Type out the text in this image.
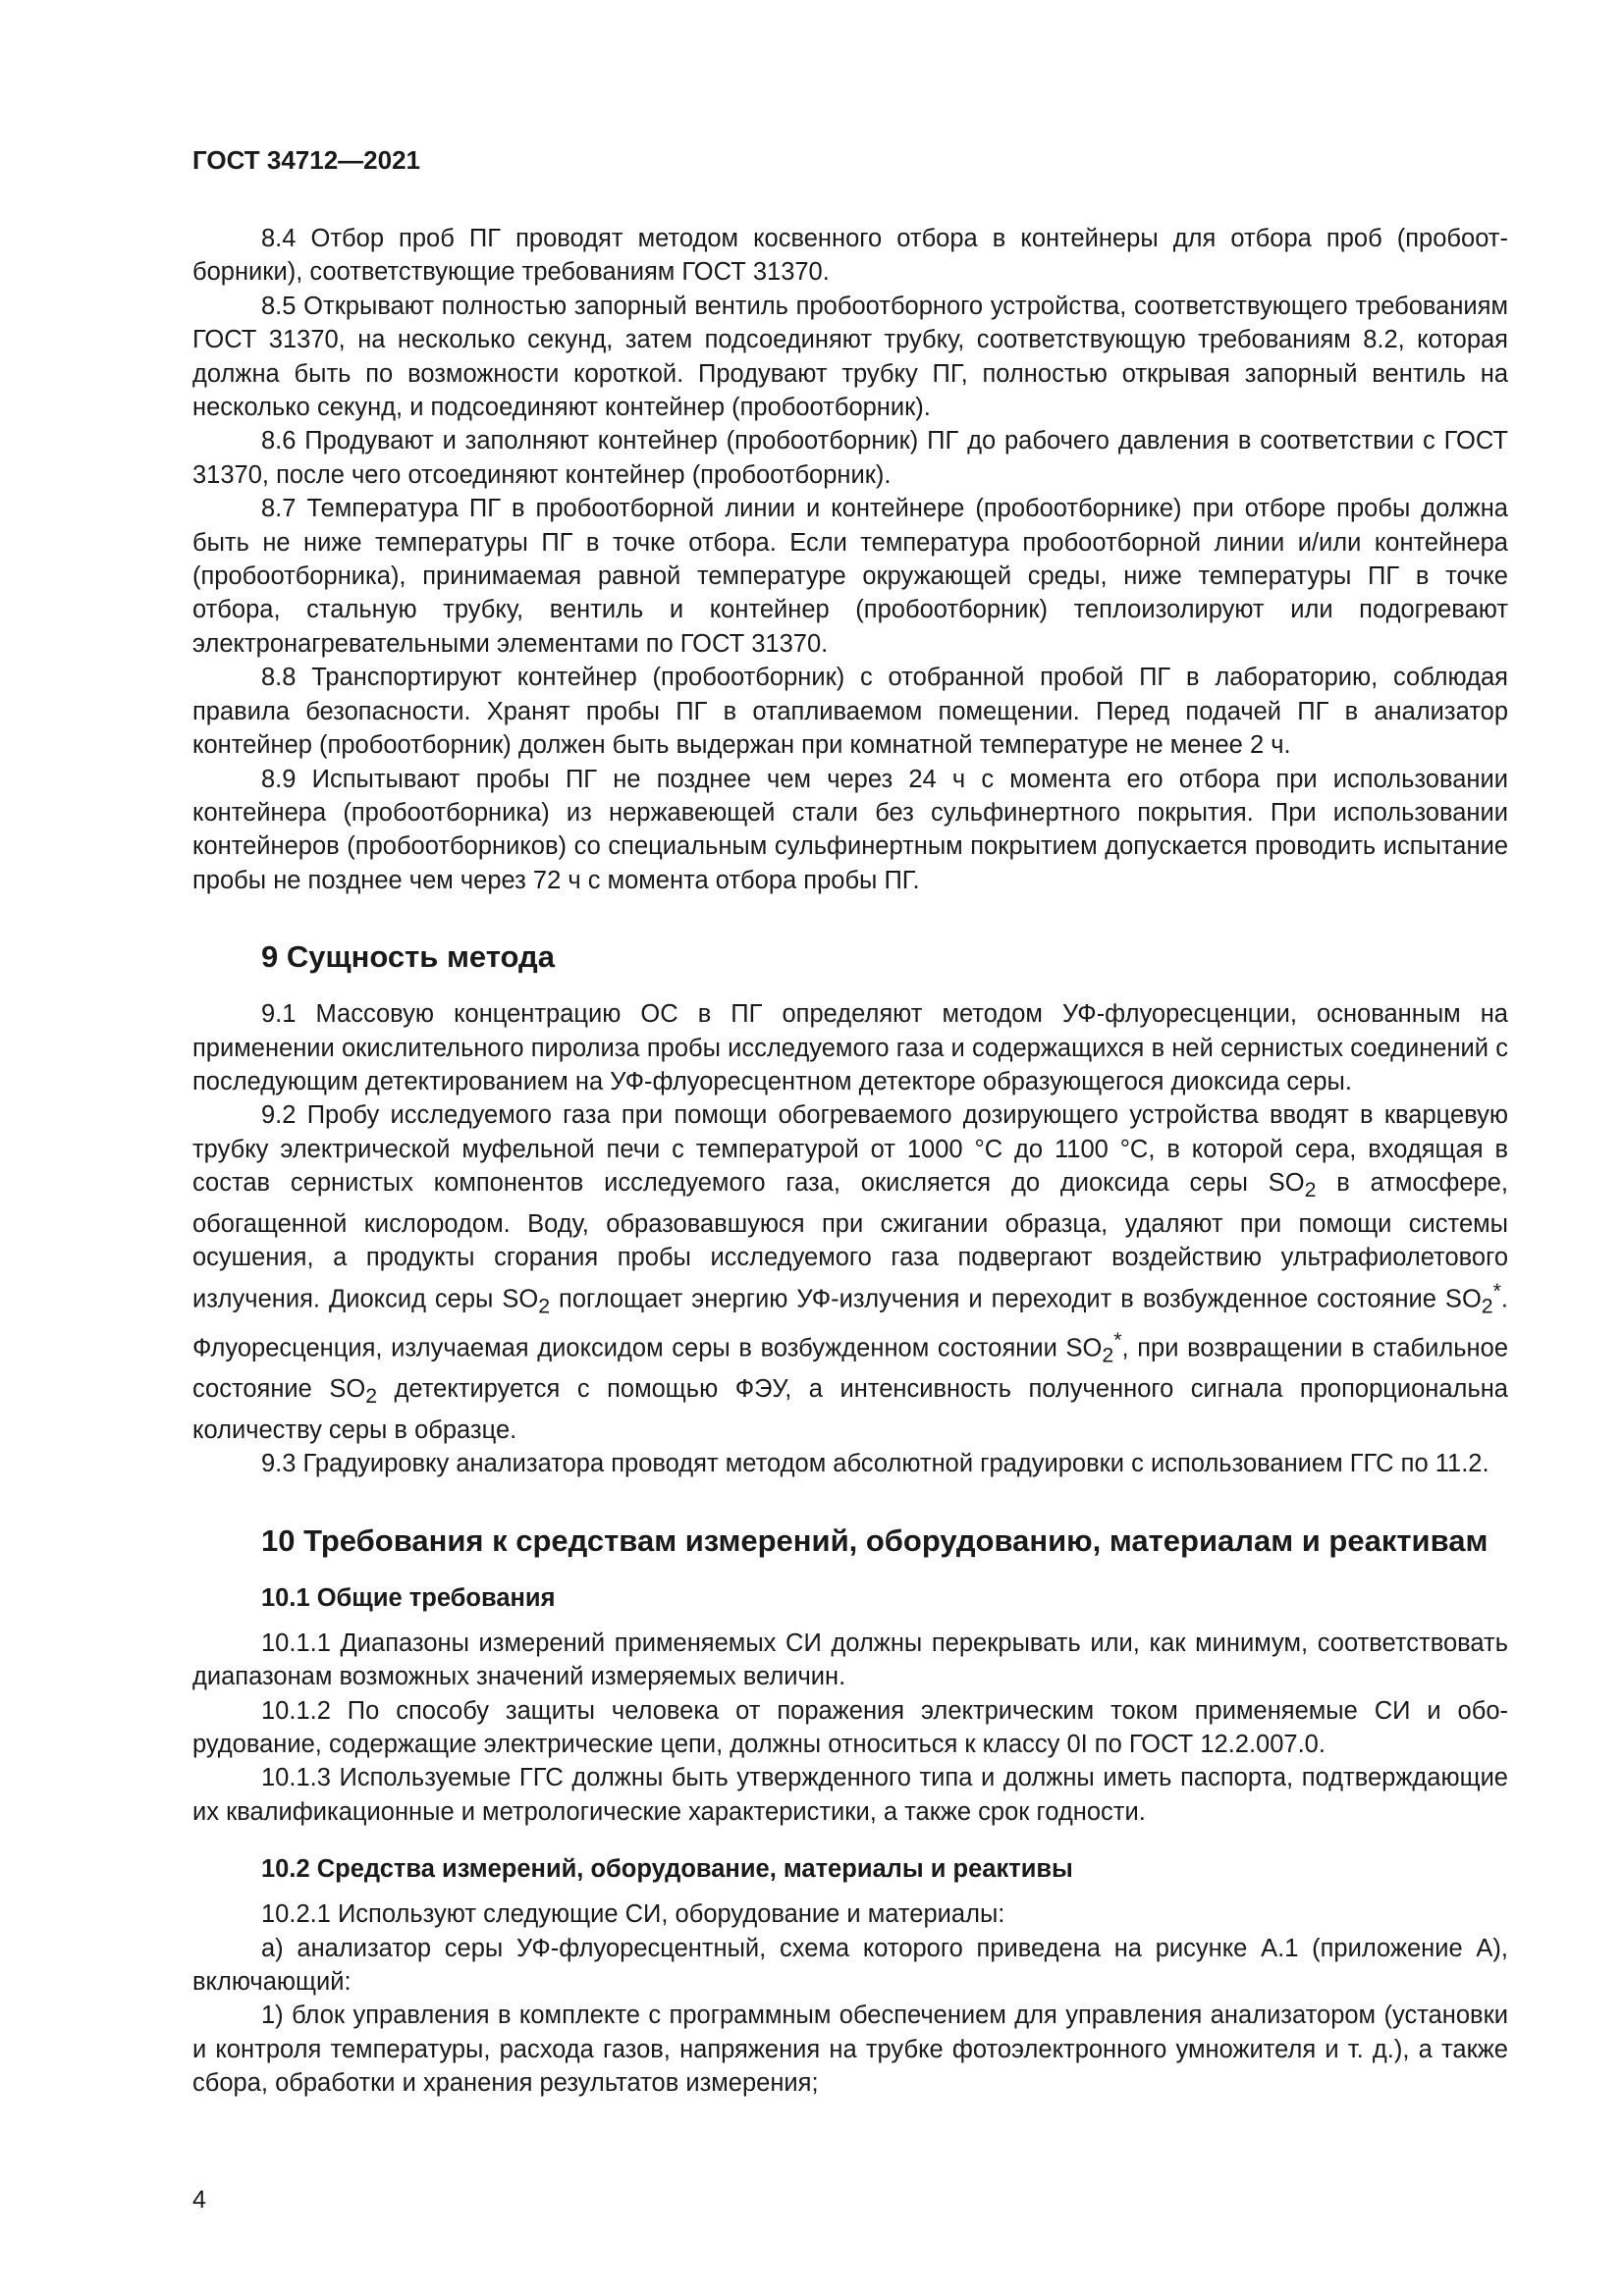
ГОСТ 34712—2021

8.4 Отбор проб ПГ проводят методом косвенного отбора в контейнеры для отбора проб (пробоотборники), соответствующие требованиям ГОСТ 31370.

8.5 Открывают полностью запорный вентиль пробоотборного устройства, соответствующего требованиям ГОСТ 31370, на несколько секунд, затем подсоединяют трубку, соответствующую требованиям 8.2, которая должна быть по возможности короткой. Продувают трубку ПГ, полностью открывая запорный вентиль на несколько секунд, и подсоединяют контейнер (пробоотборник).

8.6 Продувают и заполняют контейнер (пробоотборник) ПГ до рабочего давления в соответствии с ГОСТ 31370, после чего отсоединяют контейнер (пробоотборник).

8.7 Температура ПГ в пробоотборной линии и контейнере (пробоотборнике) при отборе пробы должна быть не ниже температуры ПГ в точке отбора. Если температура пробоотборной линии и/или контейнера (пробоотборника), принимаемая равной температуре окружающей среды, ниже температуры ПГ в точке отбора, стальную трубку, вентиль и контейнер (пробоотборник) теплоизолируют или подогревают электронагревательными элементами по ГОСТ 31370.

8.8 Транспортируют контейнер (пробоотборник) с отобранной пробой ПГ в лабораторию, соблюдая правила безопасности. Хранят пробы ПГ в отапливаемом помещении. Перед подачей ПГ в анализатор контейнер (пробоотборник) должен быть выдержан при комнатной температуре не менее 2 ч.

8.9 Испытывают пробы ПГ не позднее чем через 24 ч с момента его отбора при использовании контейнера (пробоотборника) из нержавеющей стали без сульфинертного покрытия. При использовании контейнеров (пробоотборников) со специальным сульфинертным покрытием допускается проводить испытание пробы не позднее чем через 72 ч с момента отбора пробы ПГ.

9 Сущность метода

9.1 Массовую концентрацию ОС в ПГ определяют методом УФ-флуоресценции, основанным на применении окислительного пиролиза пробы исследуемого газа и содержащихся в ней сернистых соединений с последующим детектированием на УФ-флуоресцентном детекторе образующегося диоксида серы.

9.2 Пробу исследуемого газа при помощи обогреваемого дозирующего устройства вводят в кварцевую трубку электрической муфельной печи с температурой от 1000 °С до 1100 °С, в которой сера, входящая в состав сернистых компонентов исследуемого газа, окисляется до диоксида серы $SO_2$ в атмосфере, обогащенной кислородом. Воду, образовавшуюся при сжигании образца, удаляют при помощи системы осушения, а продукты сгорания пробы исследуемого газа подвергают воздействию ультрафиолетового излучения. Диоксид серы $SO_2$ поглощает энергию УФ-излучения и переходит в возбужденное состояние $SO_2^*$. Флуоресценция, излучаемая диоксидом серы в возбужденном состоянии $SO_2^*$, при возвращении в стабильное состояние $SO_2$ детектируется с помощью ФЭУ, а интенсивность полученного сигнала пропорциональна количеству серы в образце.

9.3 Градуировку анализатора проводят методом абсолютной градуировки с использованием ГГС по 11.2.

10 Требования к средствам измерений, оборудованию, материалам и реактивам
10.1 Общие требования

10.1.1 Диапазоны измерений применяемых СИ должны перекрывать или, как минимум, соответствовать диапазонам возможных значений измеряемых величин.

10.1.2 По способу защиты человека от поражения электрическим током применяемые СИ и оборудование, содержащие электрические цепи, должны относиться к классу 0I по ГОСТ 12.2.007.0.

10.1.3 Используемые ГГС должны быть утвержденного типа и должны иметь паспорта, подтверждающие их квалификационные и метрологические характеристики, а также срок годности.

10.2 Средства измерений, оборудование, материалы и реактивы

10.2.1 Используют следующие СИ, оборудование и материалы:

а) анализатор серы УФ-флуоресцентный, схема которого приведена на рисунке А.1 (приложение А), включающий:

1) блок управления в комплекте с программным обеспечением для управления анализатором (установки и контроля температуры, расхода газов, напряжения на трубке фотоэлектронного умножителя и т. д.), а также сбора, обработки и хранения результатов измерения;

4
